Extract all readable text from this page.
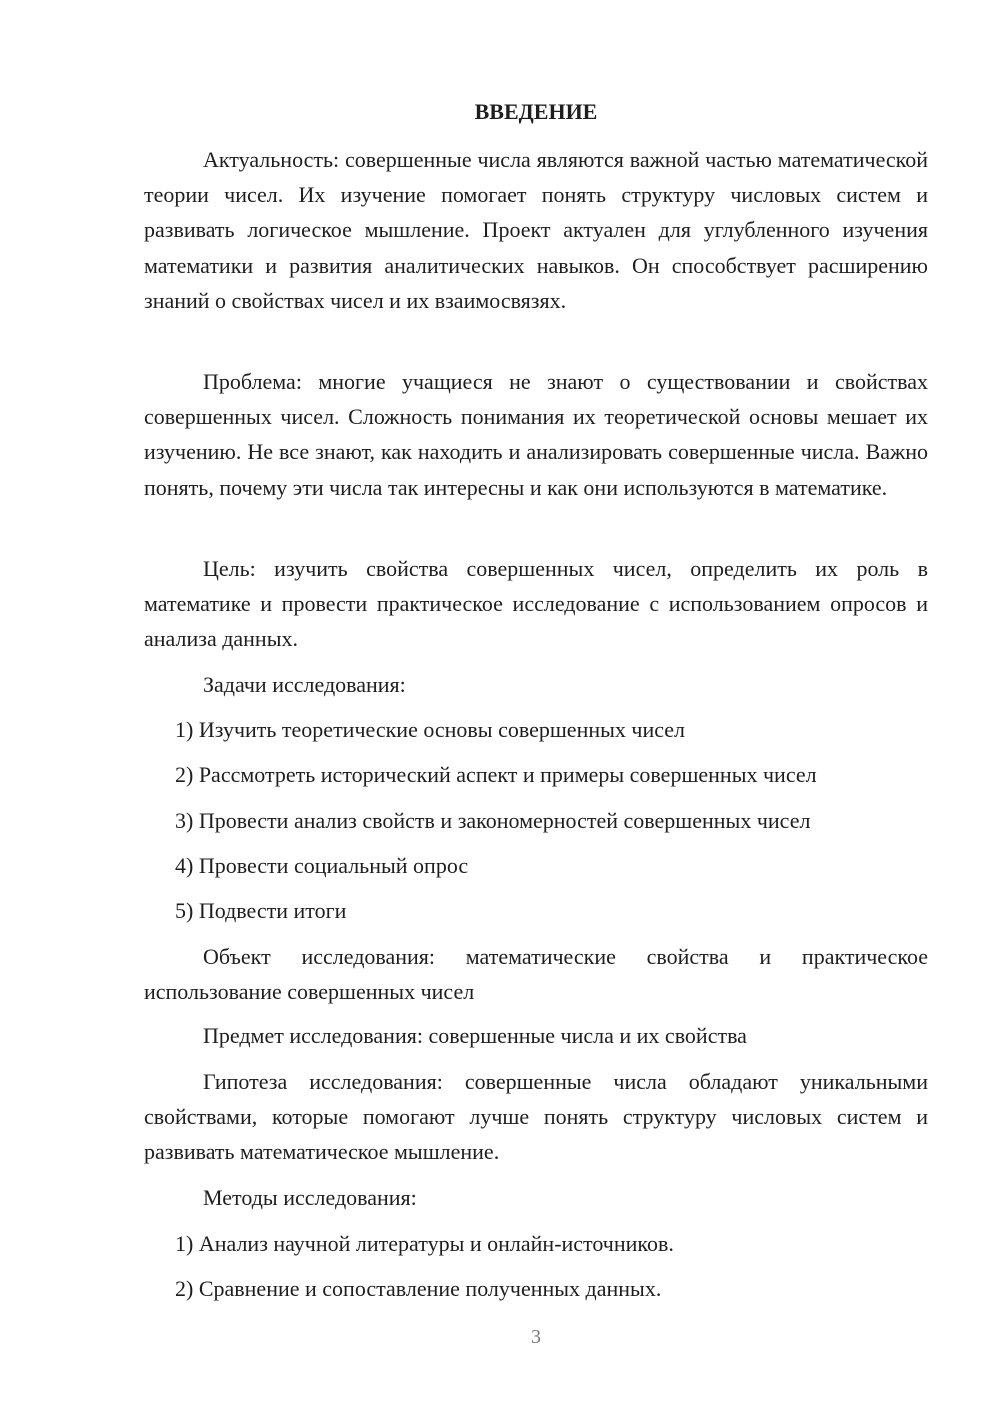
ВВЕДЕНИЕ

Актуальность: совершенные числа являются важной частью математической теории чисел. Их изучение помогает понять структуру числовых систем и развивать логическое мышление. Проект актуален для углубленного изучения математики и развития аналитических навыков. Он способствует расширению знаний о свойствах чисел и их взаимосвязях.

Проблема: многие учащиеся не знают о существовании и свойствах совершенных чисел. Сложность понимания их теоретической основы мешает их изучению. Не все знают, как находить и анализировать совершенные числа. Важно понять, почему эти числа так интересны и как они используются в математике.

Цель: изучить свойства совершенных чисел, определить их роль в математике и провести практическое исследование с использованием опросов и анализа данных.

Задачи исследования:
1) Изучить теоретические основы совершенных чисел
2) Рассмотреть исторический аспект и примеры совершенных чисел
3) Провести анализ свойств и закономерностей совершенных чисел
4) Провести социальный опрос
5) Подвести итоги

Объект исследования: математические свойства и практическое использование совершенных чисел

Предмет исследования: совершенные числа и их свойства

Гипотеза исследования: совершенные числа обладают уникальными свойствами, которые помогают лучше понять структуру числовых систем и развивать математическое мышление.

Методы исследования:
1) Анализ научной литературы и онлайн-источников.
2) Сравнение и сопоставление полученных данных.
3
